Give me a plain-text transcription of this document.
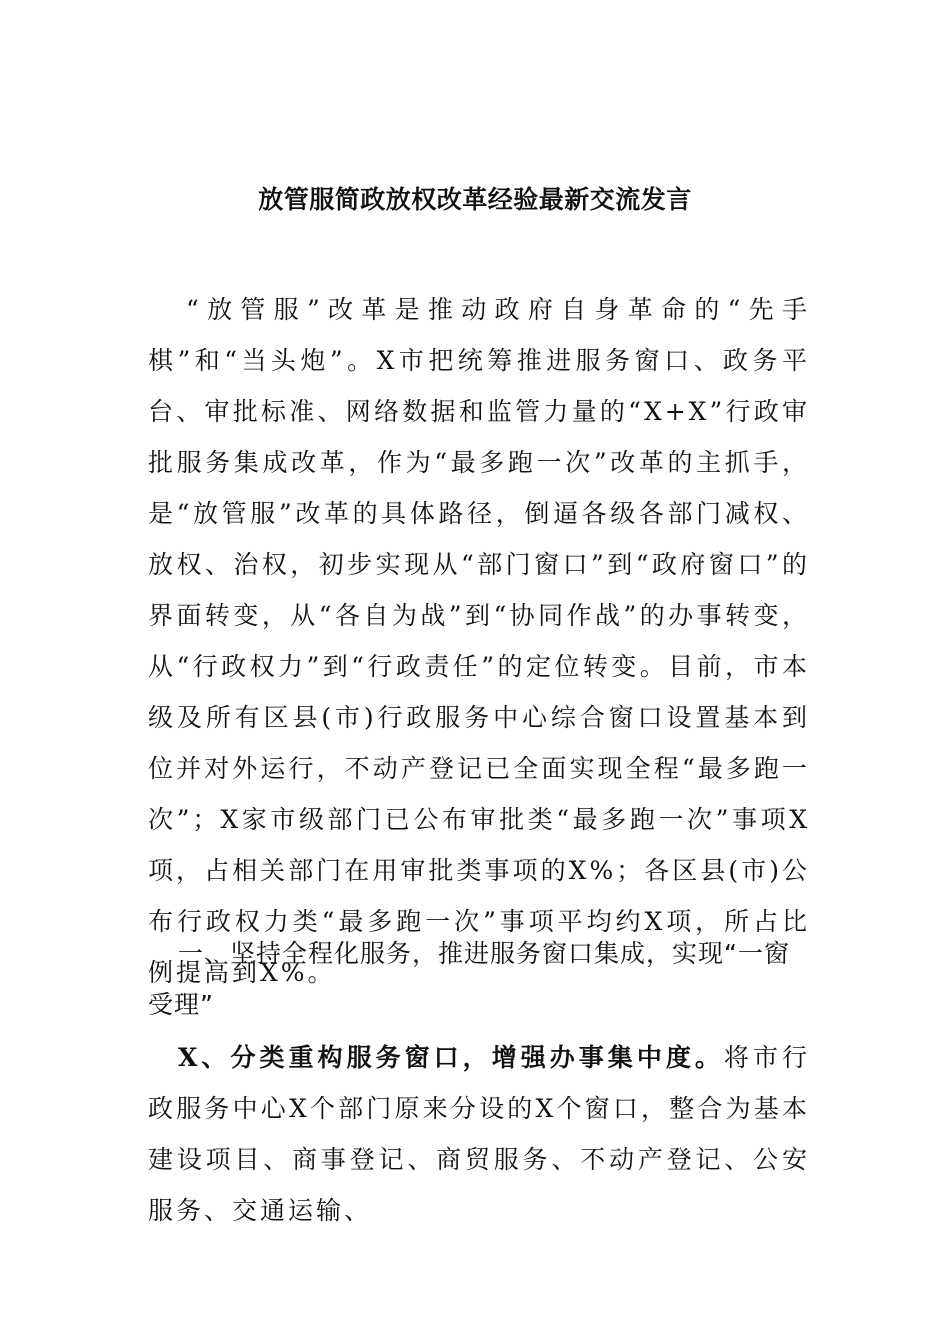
放管服简政放权改革经验最新交流发言
“放管服”改革是推动政府自身革命的“先手棋”和“当头炮”。X市把统筹推进服务窗口、政务平台、审批标准、网络数据和监管力量的“X+X”行政审批服务集成改革，作为“最多跑一次”改革的主抓手，是“放管服”改革的具体路径，倒逼各级各部门减权、放权、治权，初步实现从“部门窗口”到“政府窗口”的界面转变，从“各自为战”到“协同作战”的办事转变，从“行政权力”到“行政责任”的定位转变。目前，市本级及所有区县(市)行政服务中心综合窗口设置基本到位并对外运行，不动产登记已全面实现全程“最多跑一次”；X家市级部门已公布审批类“最多跑一次”事项X项，占相关部门在用审批类事项的X%；各区县(市)公布行政权力类“最多跑一次”事项平均约X项，所占比例提高到X%。
一、坚持全程化服务，推进服务窗口集成，实现“一窗受理”
X、分类重构服务窗口，增强办事集中度。将市行政服务中心X个部门原来分设的X个窗口，整合为基本建设项目、商事登记、商贸服务、不动产登记、公安服务、交通运输、
